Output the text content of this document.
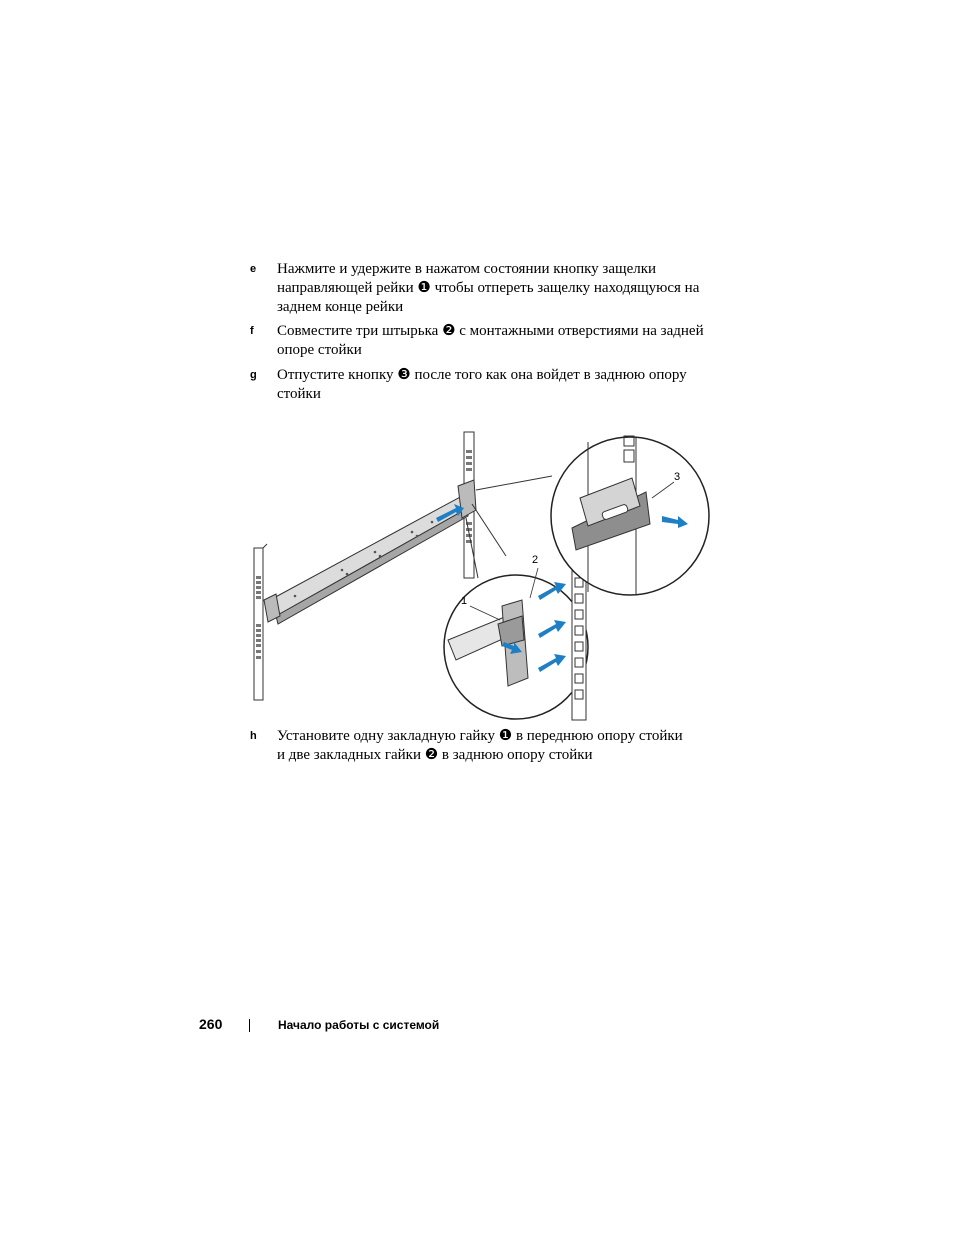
e Нажмите и удержите в нажатом состоянии кнопку защелки
направляющей рейки ❶ чтобы отпереть защелку находящуюся на
заднем конце рейки
f Совместите три штырька ❷ с монтажными отверстиями на задней
опоре стойки
g Отпустите кнопку ❸ после того как она войдет в заднюю опору
стойки
1
2
3
h Установите одну закладную гайку ❶ в переднюю опору стойки
и две закладных гайки ❷ в заднюю опору стойки
260	Начало работы с системой
